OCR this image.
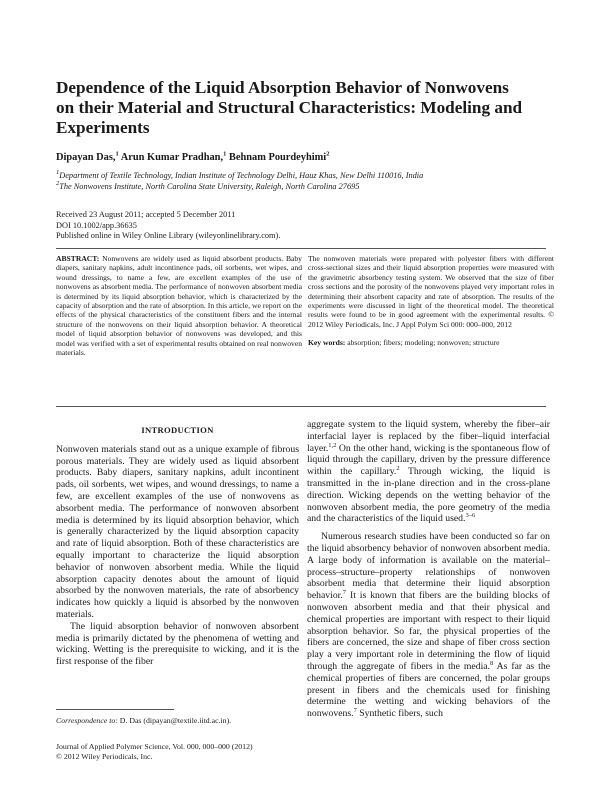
Dependence of the Liquid Absorption Behavior of Nonwovens on their Material and Structural Characteristics: Modeling and Experiments
Dipayan Das,$^1$ Arun Kumar Pradhan,$^1$ Behnam Pourdeyhimi$^2$
$^1$Department of Textile Technology, Indian Institute of Technology Delhi, Hauz Khas, New Delhi 110016, India
$^2$The Nonwovens Institute, North Carolina State University, Raleigh, North Carolina 27695
Received 23 August 2011; accepted 5 December 2011
DOI 10.1002/app.36635
Published online in Wiley Online Library (wileyonlinelibrary.com).
ABSTRACT: Nonwovens are widely used as liquid absorbent products. Baby diapers, sanitary napkins, adult incontinence pads, oil sorbents, wet wipes, and wound dressings, to name a few, are excellent examples of the use of nonwovens as absorbent media. The performance of nonwoven absorbent media is determined by its liquid absorption behavior, which is characterized by the capacity of absorption and the rate of absorption. In this article, we report on the effects of the physical characteristics of the constituent fibers and the internal structure of the nonwovens on their liquid absorption behavior. A theoretical model of liquid absorption behavior of nonwovens was developed, and this model was verified with a set of experimental results obtained on real nonwoven materials.
The nonwoven materials were prepared with polyester fibers with different cross-sectional sizes and their liquid absorption properties were measured with the gravimetric absorbency testing system. We observed that the size of fiber cross sections and the porosity of the nonwovens played very important roles in determining their absorbent capacity and rate of absorption. The results of the experiments were discussed in light of the theoretical model. The theoretical results were found to be in good agreement with the experimental results. © 2012 Wiley Periodicals, Inc. J Appl Polym Sci 000: 000–000, 2012
Key words: absorption; fibers; modeling; nonwoven; structure
INTRODUCTION

Nonwoven materials stand out as a unique example of fibrous porous materials. They are widely used as liquid absorbent products. Baby diapers, sanitary napkins, adult incontinent pads, oil sorbents, wet wipes, and wound dressings, to name a few, are excellent examples of the use of nonwovens as absorbent media. The performance of nonwoven absorbent media is determined by its liquid absorption behavior, which is generally characterized by the liquid absorption capacity and rate of liquid absorption. Both of these characteristics are equally important to characterize the liquid absorption behavior of nonwoven absorbent media. While the liquid absorption capacity denotes about the amount of liquid absorbed by the nonwoven materials, the rate of absorbency indicates how quickly a liquid is absorbed by the nonwoven materials.

The liquid absorption behavior of nonwoven absorbent media is primarily dictated by the phenomena of wetting and wicking. Wetting is the prerequisite to wicking, and it is the first response of the fiber

aggregate system to the liquid system, whereby the fiber–air interfacial layer is replaced by the fiber–liquid interfacial layer.$^{1,2}$ On the other hand, wicking is the spontaneous flow of liquid through the capillary, driven by the pressure difference within the capillary.$^2$ Through wicking, the liquid is transmitted in the in-plane direction and in the cross-plane direction. Wicking depends on the wetting behavior of the nonwoven absorbent media, the pore geometry of the media and the characteristics of the liquid used.$^{3-6}$

Numerous research studies have been conducted so far on the liquid absorbency behavior of nonwoven absorbent media. A large body of information is available on the material–process–structure–property relationships of nonwoven absorbent media that determine their liquid absorption behavior.$^7$ It is known that fibers are the building blocks of nonwoven absorbent media and that their physical and chemical properties are important with respect to their liquid absorption behavior. So far, the physical properties of the fibers are concerned, the size and shape of fiber cross section play a very important role in determining the flow of liquid through the aggregate of fibers in the media.$^8$ As far as the chemical properties of fibers are concerned, the polar groups present in fibers and the chemicals used for finishing determine the wetting and wicking behaviors of the nonwovens.$^7$ Synthetic fibers, such

Correspondence to: D. Das (dipayan@textile.iitd.ac.in).
Journal of Applied Polymer Science, Vol. 000, 000–000 (2012)
© 2012 Wiley Periodicals, Inc.
